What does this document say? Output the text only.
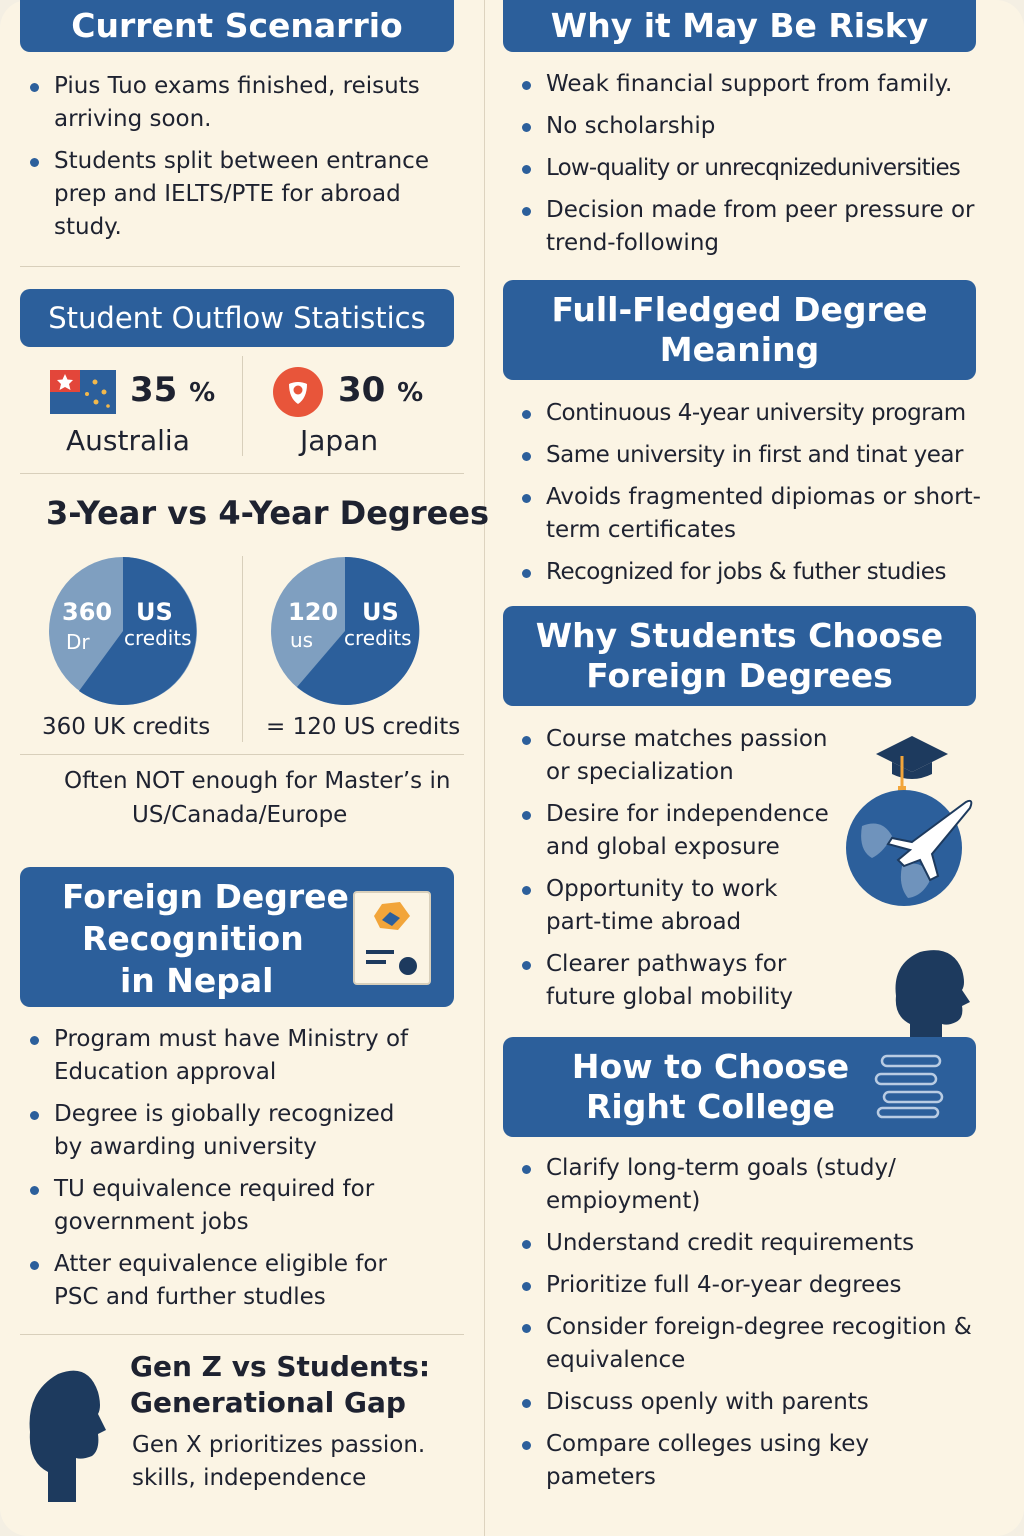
Current Scenarrio
Pius Tuo exams finished, reisuts arriving soon.
Students split between entrance prep and IELTS/PTE for abroad study.
Student Outflow Statistics
35 %
Australia
30 %
Japan
3-Year vs 4-Year Degrees
360
Dr
US
credits
360 UK credits
120
us
US
credits
= 120 US credits
Often NOT enough for Master’s in
US/Canada/Europe
Foreign Degree
Recognition
in Nepal
Program must have Ministry of Education approval
Degree is giobally recognized by awarding university
TU equivalence required for government jobs
Atter equivalence eligible for PSC and further studles
Gen Z vs Students:
Generational Gap
Gen X prioritizes passion.
skills, independence
Why it May Be Risky
Weak financial support from family.
No scholarship
Low-quality or unrecqnizeduniversities
Decision made from peer pressure or trend-following
Full-Fledged Degree
Meaning
Continuous 4-year university program
Same university in first and tinat year
Avoids fragmented dipiomas or short-term certificates
Recognized for jobs & futher studies
Why Students Choose
Foreign Degrees
Course matches passion or specialization
Desire for independence and global exposure
Opportunity to work part-time abroad
Clearer pathways for future global mobility
How to Choose
Right College
Clarify long-term goals (study/ empioyment)
Understand credit requirements
Prioritize full 4-or-year degrees
Consider foreign-degree recogition & equivalence
Discuss openly with parents
Compare colleges using key pameters
